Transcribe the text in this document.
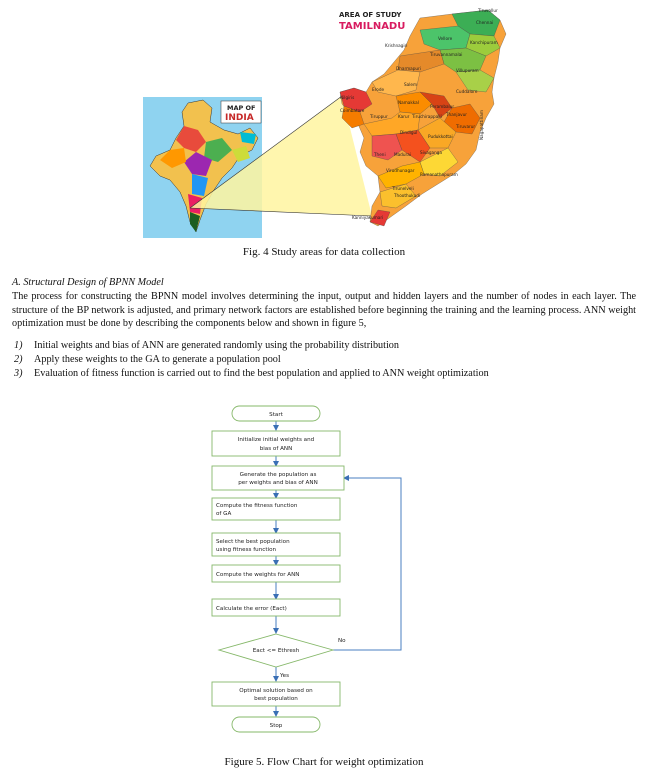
MAP OF
INDIA
AREA OF STUDY
TAMILNADU
Tiruvallur
Chennai
Vellore
Kanchipuram
Krishnagiri
Tiruvannamalai
Dharmapuri	Villupuram
Salem
Erode
Namakkal
Cuddalore
Perambalur
Nilgiris
Coimbatore
Tiruppur Karur Tiruchirappalli Thanjavur
Tiruvarur Nagapattinam
Dindigul
Pudukkottai
Theni Madurai Sivaganga
Virudhunagar
Ramanathapuram
Tirunelveli
Thoothukudi
Kanniyakumari
Fig. 4 Study areas for data collection
A. Structural Design of BPNN Model
The process for constructing the BPNN model involves determining the input, output and hidden layers and the number of nodes in each layer. The structure of the BP network is adjusted, and primary network factors are established before beginning the training and the learning process. ANN weight optimization must be done by describing the components below and shown in figure 5,
1) Initial weights and bias of ANN are generated randomly using the probability distribution
2) Apply these weights to the GA to generate a population pool
3) Evaluation of fitness function is carried out to find the best population and applied to ANN weight optimization
Start
Initialize initial weights and
bias of ANN
Generate the population as
per weights and bias of ANN
Compute the fitness function
of GA
Select the best population
using fitness function
Compute the weights for ANN
Calculate the error (Eact)
Eact <= Ethresh
No
Yes
Optimal solution based on
best population
Stop
Figure 5. Flow Chart for weight optimization
